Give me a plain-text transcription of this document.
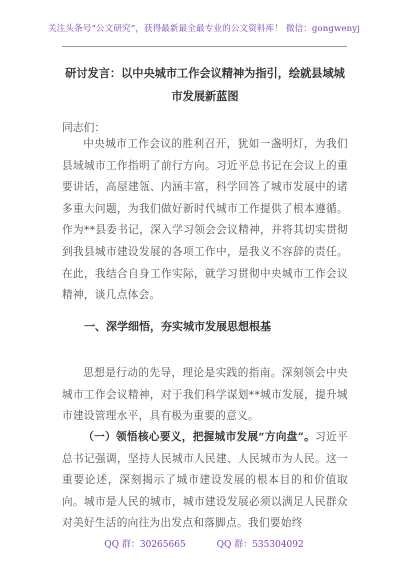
关注头条号“公文研究”，获得最新最全最专业的公文资料库！ 微信：gongwenyj
研讨发言：以中央城市工作会议精神为指引，绘就县域城市发展新蓝图
同志们：
中央城市工作会议的胜利召开，犹如一盏明灯，为我们县域城市工作指明了前行方向。习近平总书记在会议上的重要讲话，高屋建瓴、内涵丰富，科学回答了城市发展中的诸多重大问题，为我们做好新时代城市工作提供了根本遵循。作为**县委书记，深入学习领会会议精神，并将其切实贯彻到我县城市建设发展的各项工作中，是我义不容辞的责任。在此，我结合自身工作实际，就学习贯彻中央城市工作会议精神，谈几点体会。
一、深学细悟，夯实城市发展思想根基
思想是行动的先导，理论是实践的指南。深刻领会中央城市工作会议精神，对于我们科学谋划**城市发展，提升城市建设管理水平，具有极为重要的意义。
（一）领悟核心要义，把握城市发展“方向盘”。习近平总书记强调，坚持人民城市人民建、人民城市为人民。这一重要论述，深刻揭示了城市建设发展的根本目的和价值取向。城市是人民的城市，城市建设发展必须以满足人民群众对美好生活的向往为出发点和落脚点。我们要始终
QQ 群：30265665	QQ 群：535304092
